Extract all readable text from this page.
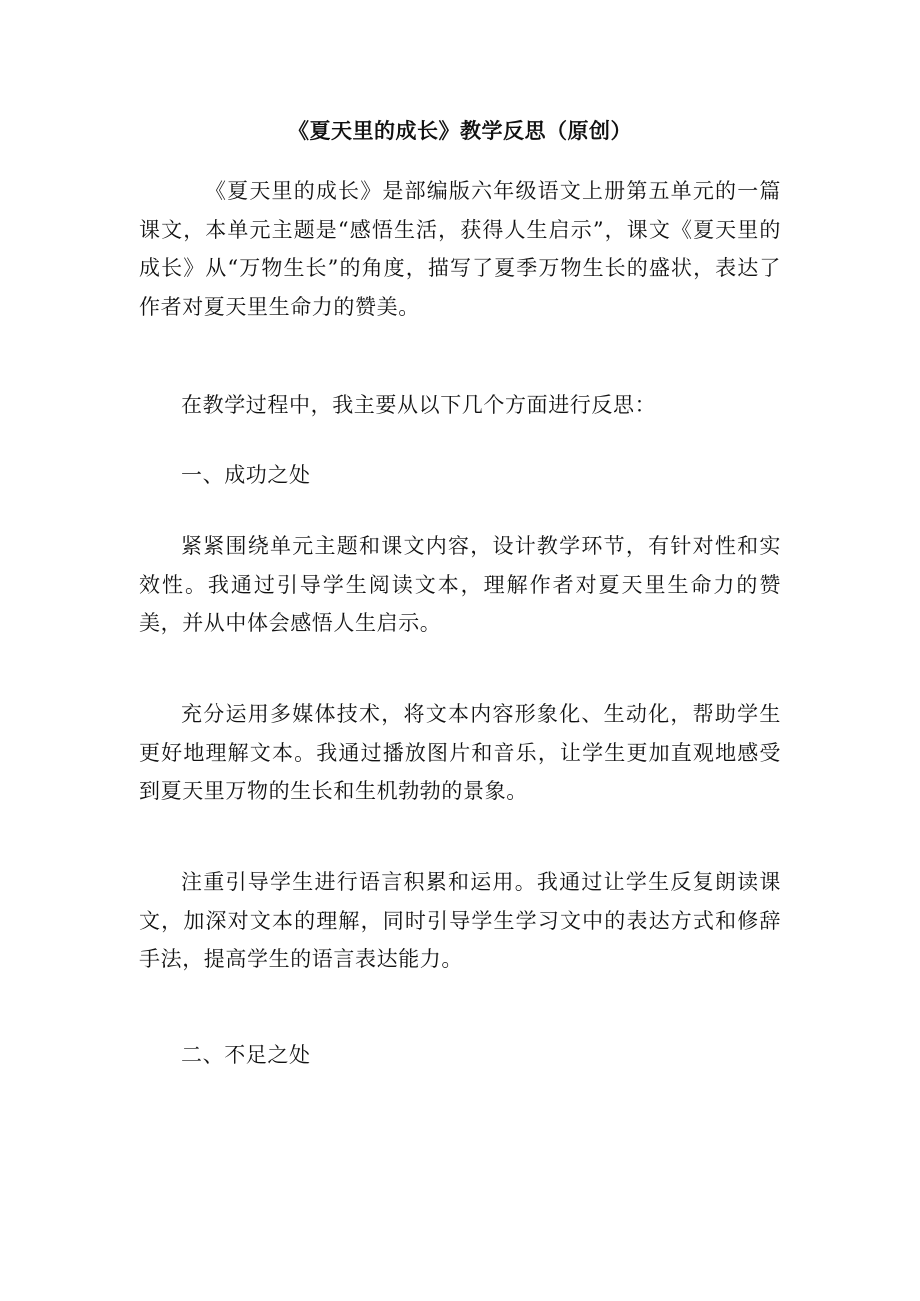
《夏天里的成长》教学反思（原创）

《夏天里的成长》是部编版六年级语文上册第五单元的一篇课文，本单元主题是“感悟生活，获得人生启示”，课文《夏天里的成长》从“万物生长”的角度，描写了夏季万物生长的盛状，表达了作者对夏天里生命力的赞美。

在教学过程中，我主要从以下几个方面进行反思：

一、成功之处

紧紧围绕单元主题和课文内容，设计教学环节，有针对性和实效性。我通过引导学生阅读文本，理解作者对夏天里生命力的赞美，并从中体会感悟人生启示。

充分运用多媒体技术，将文本内容形象化、生动化，帮助学生更好地理解文本。我通过播放图片和音乐，让学生更加直观地感受到夏天里万物的生长和生机勃勃的景象。

注重引导学生进行语言积累和运用。我通过让学生反复朗读课文，加深对文本的理解，同时引导学生学习文中的表达方式和修辞手法，提高学生的语言表达能力。

二、不足之处
